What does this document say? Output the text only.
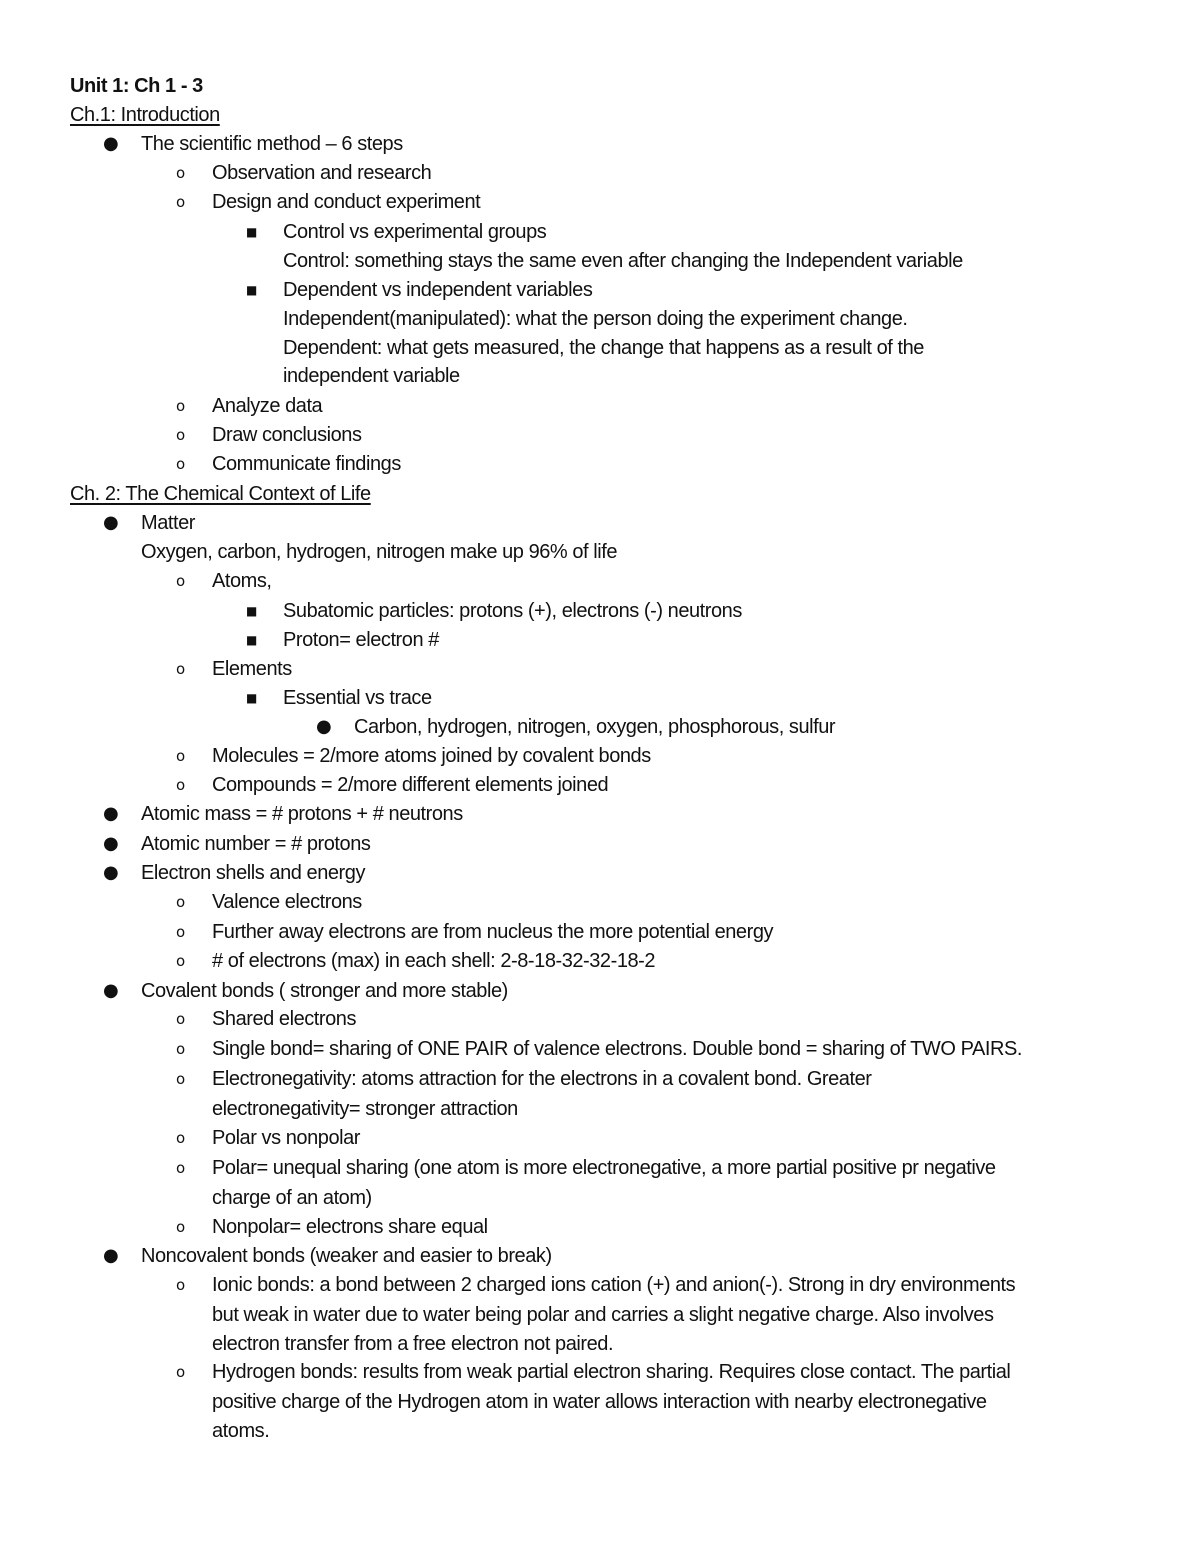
Unit 1: Ch 1 - 3
Ch.1: Introduction
● The scientific method – 6 steps
o Observation and research
o Design and conduct experiment
■ Control vs experimental groups
Control: something stays the same even after changing the Independent variable
■ Dependent vs independent variables
Independent(manipulated): what the person doing the experiment change.
Dependent: what gets measured, the change that happens as a result of the
independent variable
o Analyze data
o Draw conclusions
o Communicate findings
Ch. 2: The Chemical Context of Life
● Matter
Oxygen, carbon, hydrogen, nitrogen make up 96% of life
o Atoms,
■ Subatomic particles: protons (+), electrons (-) neutrons
■ Proton= electron #
o Elements
■ Essential vs trace
● Carbon, hydrogen, nitrogen, oxygen, phosphorous, sulfur
o Molecules = 2/more atoms joined by covalent bonds
o Compounds = 2/more different elements joined
● Atomic mass = # protons + # neutrons
● Atomic number = # protons
● Electron shells and energy
o Valence electrons
o Further away electrons are from nucleus the more potential energy
o # of electrons (max) in each shell: 2-8-18-32-32-18-2
● Covalent bonds ( stronger and more stable)
o Shared electrons
o Single bond= sharing of ONE PAIR of valence electrons. Double bond = sharing of TWO PAIRS.
o Electronegativity: atoms attraction for the electrons in a covalent bond. Greater
electronegativity= stronger attraction
o Polar vs nonpolar
o Polar= unequal sharing (one atom is more electronegative, a more partial positive pr negative
charge of an atom)
o Nonpolar= electrons share equal
● Noncovalent bonds (weaker and easier to break)
o Ionic bonds: a bond between 2 charged ions cation (+) and anion(-). Strong in dry environments
but weak in water due to water being polar and carries a slight negative charge. Also involves
electron transfer from a free electron not paired.
o Hydrogen bonds: results from weak partial electron sharing. Requires close contact. The partial
positive charge of the Hydrogen atom in water allows interaction with nearby electronegative
atoms.
